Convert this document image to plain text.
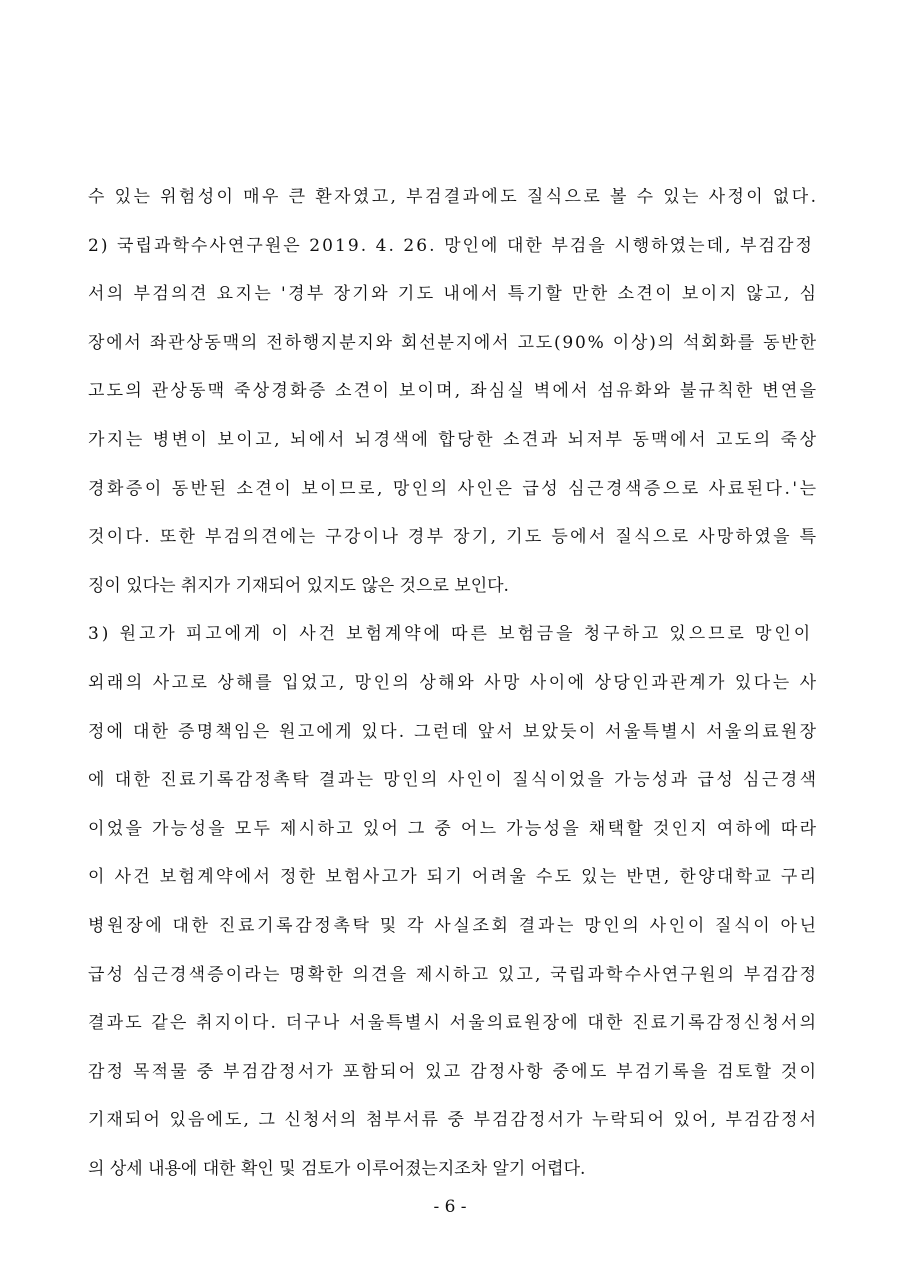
수 있는 위험성이 매우 큰 환자였고, 부검결과에도 질식으로 볼 수 있는 사정이 없다.
2) 국립과학수사연구원은 2019. 4. 26. 망인에 대한 부검을 시행하였는데, 부검감정
서의 부검의견 요지는 '경부 장기와 기도 내에서 특기할 만한 소견이 보이지 않고, 심
장에서 좌관상동맥의 전하행지분지와 회선분지에서 고도(90% 이상)의 석회화를 동반한
고도의 관상동맥 죽상경화증 소견이 보이며, 좌심실 벽에서 섬유화와 불규칙한 변연을
가지는 병변이 보이고, 뇌에서 뇌경색에 합당한 소견과 뇌저부 동맥에서 고도의 죽상
경화증이 동반된 소견이 보이므로, 망인의 사인은 급성 심근경색증으로 사료된다.'는
것이다. 또한 부검의견에는 구강이나 경부 장기, 기도 등에서 질식으로 사망하였을 특
징이 있다는 취지가 기재되어 있지도 않은 것으로 보인다.
3) 원고가 피고에게 이 사건 보험계약에 따른 보험금을 청구하고 있으므로 망인이
외래의 사고로 상해를 입었고, 망인의 상해와 사망 사이에 상당인과관계가 있다는 사
정에 대한 증명책임은 원고에게 있다. 그런데 앞서 보았듯이 서울특별시 서울의료원장
에 대한 진료기록감정촉탁 결과는 망인의 사인이 질식이었을 가능성과 급성 심근경색
이었을 가능성을 모두 제시하고 있어 그 중 어느 가능성을 채택할 것인지 여하에 따라
이 사건 보험계약에서 정한 보험사고가 되기 어려울 수도 있는 반면, 한양대학교 구리
병원장에 대한 진료기록감정촉탁 및 각 사실조회 결과는 망인의 사인이 질식이 아닌
급성 심근경색증이라는 명확한 의견을 제시하고 있고, 국립과학수사연구원의 부검감정
결과도 같은 취지이다. 더구나 서울특별시 서울의료원장에 대한 진료기록감정신청서의
감정 목적물 중 부검감정서가 포함되어 있고 감정사항 중에도 부검기록을 검토할 것이
기재되어 있음에도, 그 신청서의 첨부서류 중 부검감정서가 누락되어 있어, 부검감정서
의 상세 내용에 대한 확인 및 검토가 이루어졌는지조차 알기 어렵다.
- 6 -
